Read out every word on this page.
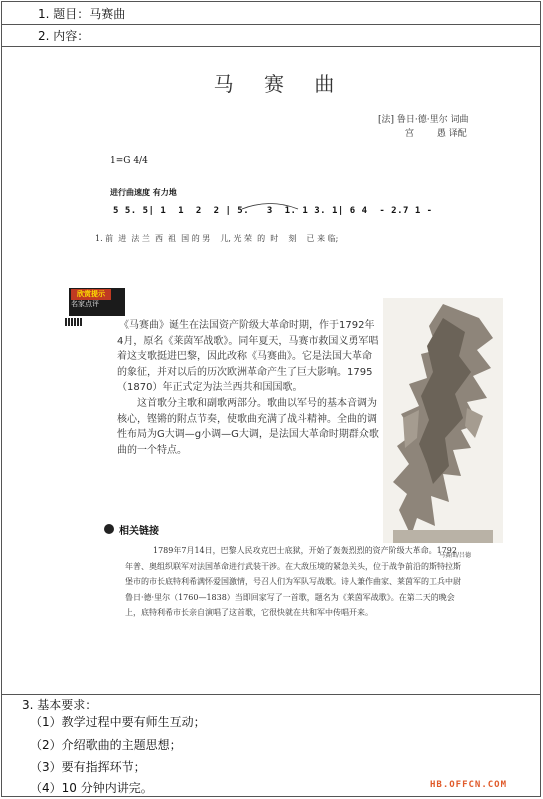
1. 题目：马赛曲
2. 内容：
马 赛 曲
[法] 鲁日·德·里尔 词曲
宫        愚 译配
1=G 4/4
进行曲速度 有力地
5 5. 5| 1  1  2  2 | 5.   3  1. 1 3. 1| 6 4  - 2.7 1 -
1. 前  进  法 兰  西  祖  国 的 男    儿, 光 荣  的  时    刻    已 来 临;
欣赏提示
名家点评
《马赛曲》诞生在法国资产阶级大革命时期，作于1792年4月，原名《莱茵军战歌》。同年夏天，马赛市救国义勇军唱着这支歌挺进巴黎，因此改称《马赛曲》。它是法国大革命的象征，并对以后的历次欧洲革命产生了巨大影响。1795（1870）年正式定为法兰西共和国国歌。
这首歌分主歌和副歌两部分。歌曲以军号的基本音调为核心，铿锵的附点节奏，使歌曲充满了战斗精神。全曲的调性布局为G大调—g小调—G大调，是法国大革命时期群众歌曲的一个特点。
马赛曲/吕德
相关链接
1789年7月14日，巴黎人民攻克巴士底狱，开始了轰轰烈烈的资产阶级大革命。1792年普、奥组织联军对法国革命进行武装干涉。在大敌压境的紧急关头，位于战争前沿的斯特拉斯堡市的市长底特利希满怀爱国激情，号召人们为军队写战歌。诗人兼作曲家、莱茵军的工兵中尉鲁日·德·里尔（1760—1838）当即回家写了一首歌，题名为《莱茵军战歌》。在第二天的晚会上，底特利希市长亲自演唱了这首歌，它很快就在共和军中传唱开来。
3. 基本要求：
（1）教学过程中要有师生互动；
（2）介绍歌曲的主题思想；
（3）要有指挥环节；
（4）10 分钟内讲完。	HB.OFFCN.COM
